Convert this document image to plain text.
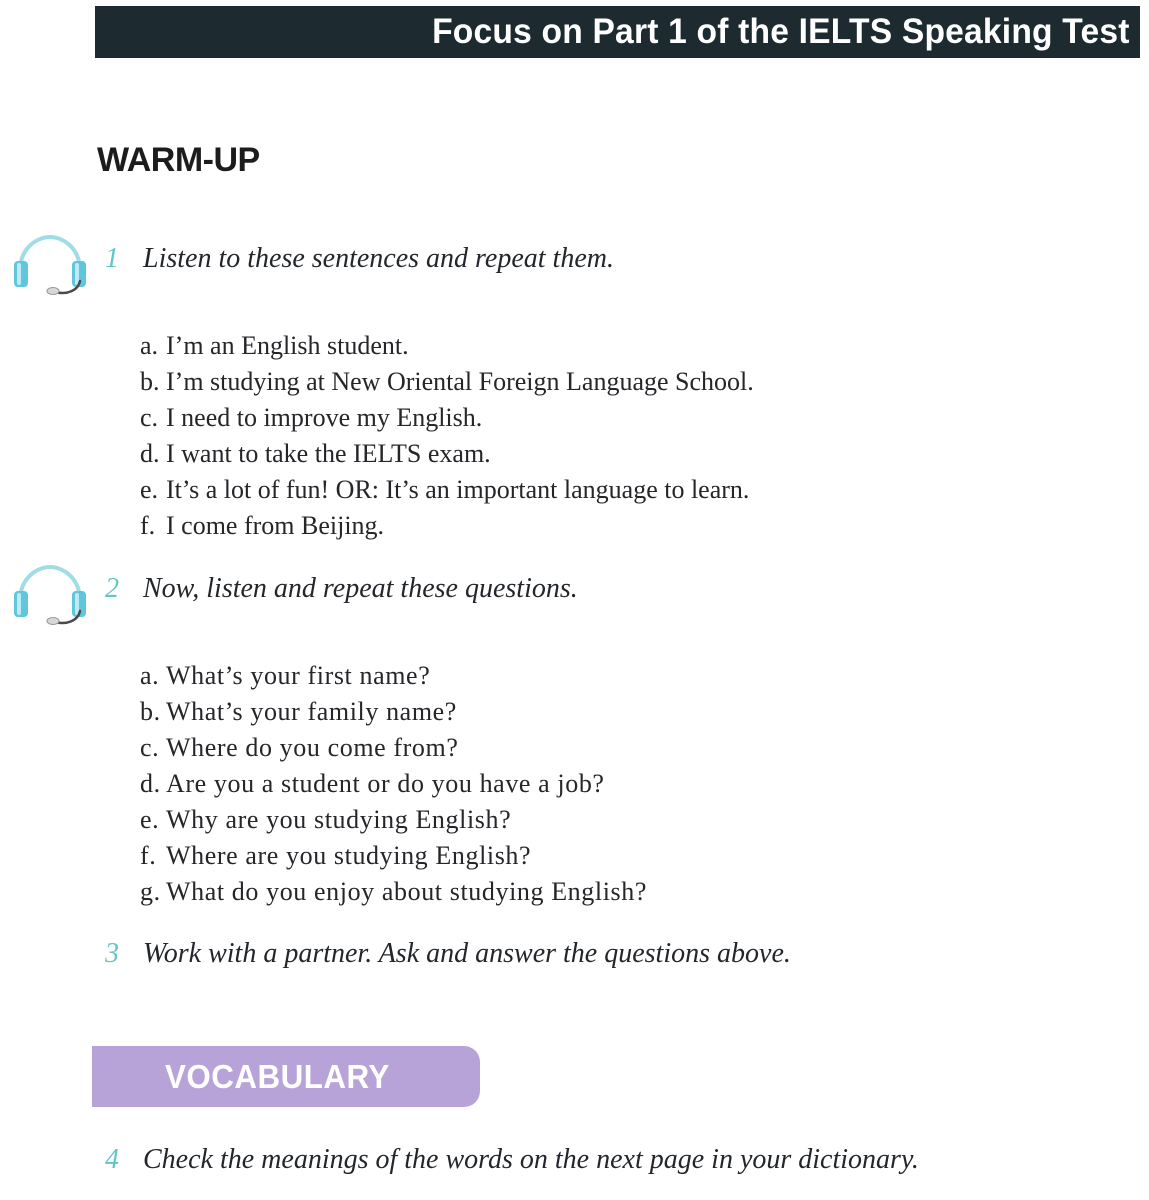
Focus on Part 1 of the IELTS Speaking Test
WARM-UP
1 Listen to these sentences and repeat them.
a. I’m an English student.
b. I’m studying at New Oriental Foreign Language School.
c. I need to improve my English.
d. I want to take the IELTS exam.
e. It’s a lot of fun! OR: It’s an important language to learn.
f. I come from Beijing.
2 Now, listen and repeat these questions.
a. What’s your first name?
b. What’s your family name?
c. Where do you come from?
d. Are you a student or do you have a job?
e. Why are you studying English?
f. Where are you studying English?
g. What do you enjoy about studying English?
3 Work with a partner. Ask and answer the questions above.
VOCABULARY
4 Check the meanings of the words on the next page in your dictionary.
